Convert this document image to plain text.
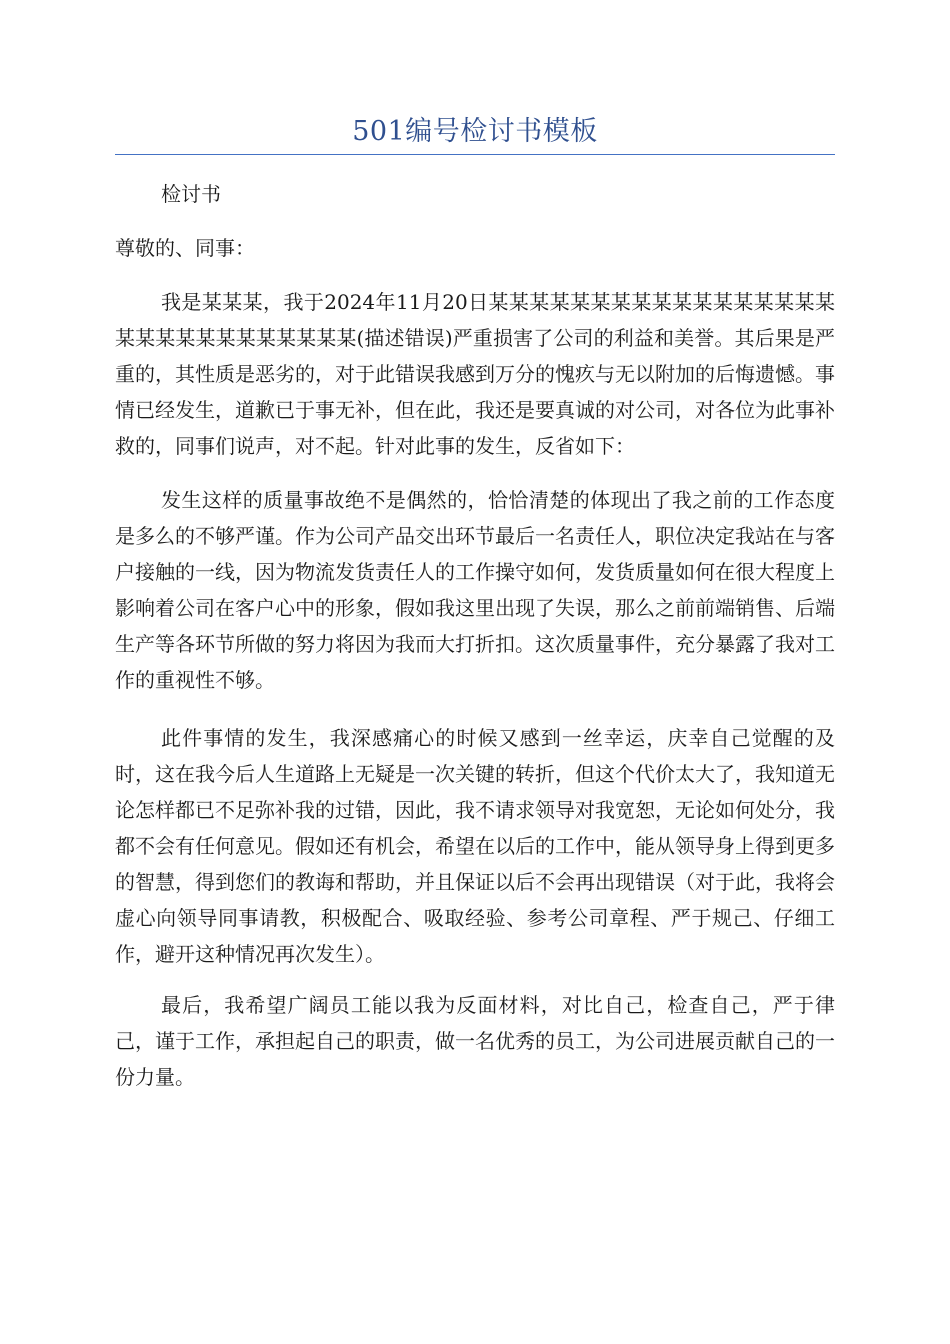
501编号检讨书模板

检讨书

尊敬的、同事：

我是某某某，我于2024年11月20日某某某某某某某某某某某某某某某某某某某某某某某某某某某某某(描述错误)严重损害了公司的利益和美誉。其后果是严重的，其性质是恶劣的，对于此错误我感到万分的愧疚与无以附加的后悔遗憾。事情已经发生，道歉已于事无补，但在此，我还是要真诚的对公司，对各位为此事补救的，同事们说声，对不起。针对此事的发生，反省如下：

发生这样的质量事故绝不是偶然的，恰恰清楚的体现出了我之前的工作态度是多么的不够严谨。作为公司产品交出环节最后一名责任人，职位决定我站在与客户接触的一线，因为物流发货责任人的工作操守如何，发货质量如何在很大程度上影响着公司在客户心中的形象，假如我这里出现了失误，那么之前前端销售、后端生产等各环节所做的努力将因为我而大打折扣。这次质量事件，充分暴露了我对工作的重视性不够。

此件事情的发生，我深感痛心的时候又感到一丝幸运，庆幸自己觉醒的及时，这在我今后人生道路上无疑是一次关键的转折，但这个代价太大了，我知道无论怎样都已不足弥补我的过错，因此，我不请求领导对我宽恕，无论如何处分，我都不会有任何意见。假如还有机会，希望在以后的工作中，能从领导身上得到更多的智慧，得到您们的教诲和帮助，并且保证以后不会再出现错误（对于此，我将会虚心向领导同事请教，积极配合、吸取经验、参考公司章程、严于规己、仔细工作，避开这种情况再次发生）。

最后，我希望广阔员工能以我为反面材料，对比自己，检查自己，严于律己，谨于工作，承担起自己的职责，做一名优秀的员工，为公司进展贡献自己的一份力量。
